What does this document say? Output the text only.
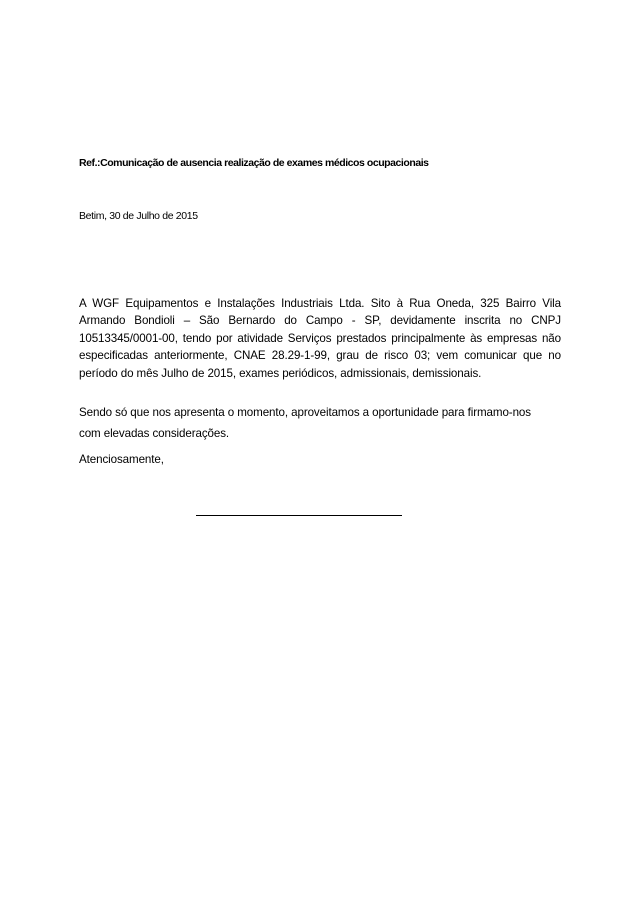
Ref.:Comunicação de ausencia realização de exames médicos ocupacionais
Betim, 30 de Julho de 2015
A WGF Equipamentos e Instalações Industriais Ltda. Sito à Rua Oneda, 325 Bairro Vila Armando Bondioli – São Bernardo do Campo - SP, devidamente inscrita no CNPJ 10513345/0001-00, tendo por atividade Serviços prestados principalmente às empresas não especificadas anteriormente, CNAE 28.29-1-99, grau de risco 03; vem comunicar que no período do mês Julho de 2015, exames periódicos, admissionais, demissionais.
Sendo só que nos apresenta o momento, aproveitamos a oportunidade para firmamo-nos
com elevadas considerações.
Atenciosamente,
